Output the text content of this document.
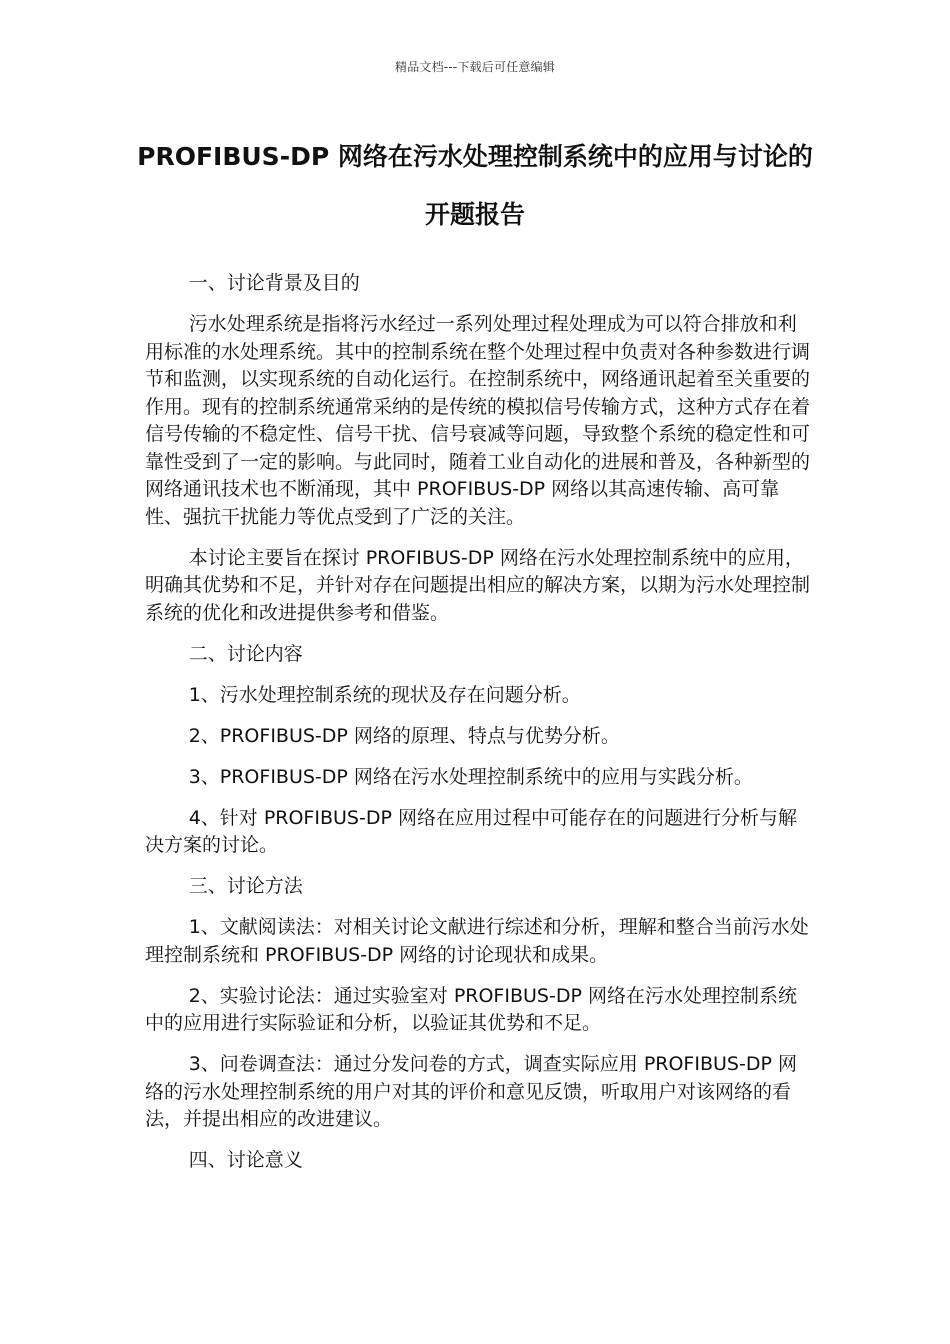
精品文档---下载后可任意编辑
PROFIBUS-DP 网络在污水处理控制系统中的应用与讨论的开题报告

一、讨论背景及目的

污水处理系统是指将污水经过一系列处理过程处理成为可以符合排放和利用标准的水处理系统。其中的控制系统在整个处理过程中负责对各种参数进行调节和监测，以实现系统的自动化运行。在控制系统中，网络通讯起着至关重要的作用。现有的控制系统通常采纳的是传统的模拟信号传输方式，这种方式存在着信号传输的不稳定性、信号干扰、信号衰减等问题，导致整个系统的稳定性和可靠性受到了一定的影响。与此同时，随着工业自动化的进展和普及，各种新型的网络通讯技术也不断涌现，其中 PROFIBUS-DP 网络以其高速传输、高可靠性、强抗干扰能力等优点受到了广泛的关注。

本讨论主要旨在探讨 PROFIBUS-DP 网络在污水处理控制系统中的应用，明确其优势和不足，并针对存在问题提出相应的解决方案，以期为污水处理控制系统的优化和改进提供参考和借鉴。

二、讨论内容

1、污水处理控制系统的现状及存在问题分析。

2、PROFIBUS-DP 网络的原理、特点与优势分析。

3、PROFIBUS-DP 网络在污水处理控制系统中的应用与实践分析。

4、针对 PROFIBUS-DP 网络在应用过程中可能存在的问题进行分析与解决方案的讨论。

三、讨论方法

1、文献阅读法：对相关讨论文献进行综述和分析，理解和整合当前污水处理控制系统和 PROFIBUS-DP 网络的讨论现状和成果。

2、实验讨论法：通过实验室对 PROFIBUS-DP 网络在污水处理控制系统中的应用进行实际验证和分析，以验证其优势和不足。

3、问卷调查法：通过分发问卷的方式，调查实际应用 PROFIBUS-DP 网络的污水处理控制系统的用户对其的评价和意见反馈，听取用户对该网络的看法，并提出相应的改进建议。

四、讨论意义
